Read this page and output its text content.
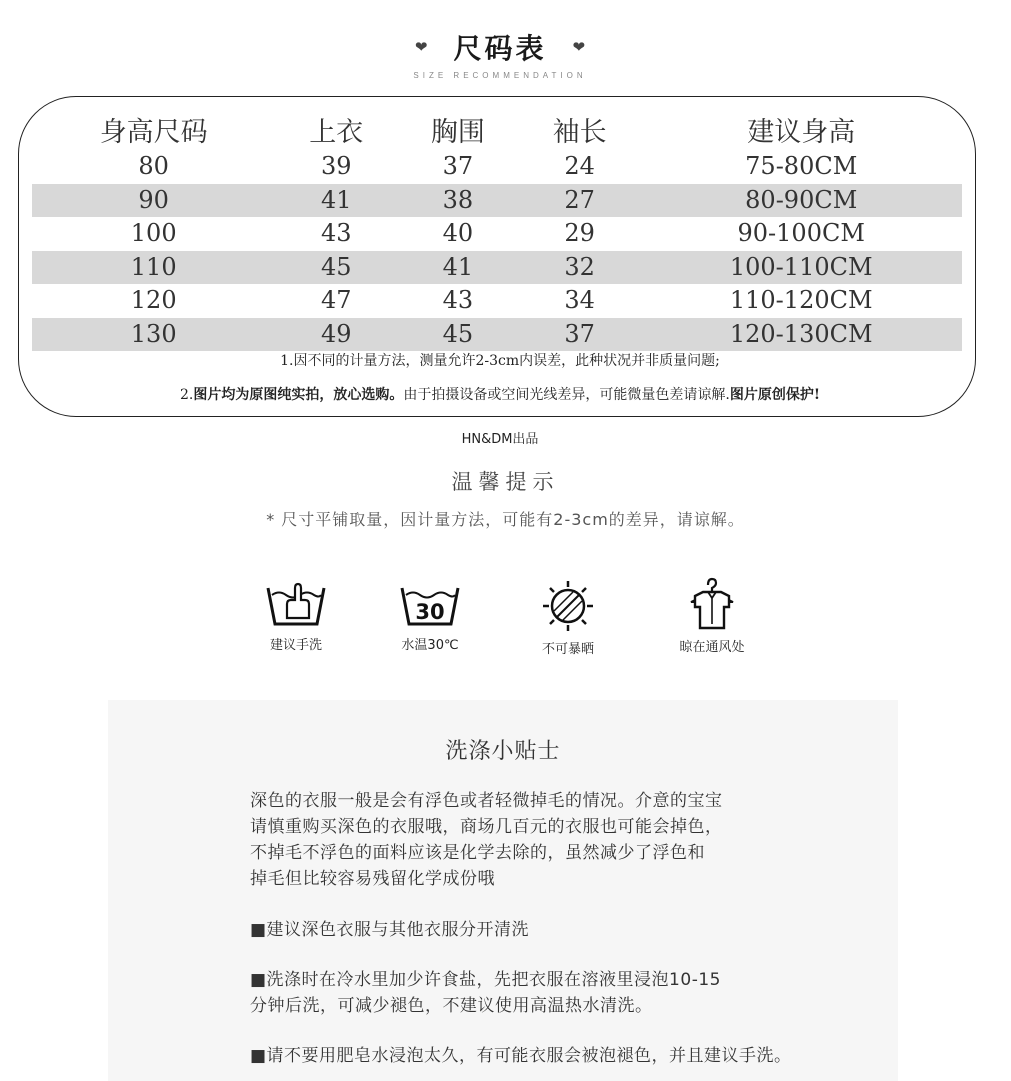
❤ 尺码表 ❤
SIZE RECOMMENDATION
身高尺码	上衣	胸围	袖长	建议身高
80	39	37	24	75-80CM
90	41	38	27	80-90CM
100	43	40	29	90-100CM
110	45	41	32	100-110CM
120	47	43	34	110-120CM
130	49	45	37	120-130CM
1.因不同的计量方法，测量允许2-3cm内误差，此种状况并非质量问题;
2.图片均为原图纯实拍，放心选购。由于拍摄设备或空间光线差异，可能微量色差请谅解.图片原创保护!
HN&DM出品
温馨提示
* 尺寸平铺取量，因计量方法，可能有2-3cm的差异，请谅解。
建议手洗
30
水温30℃	不可暴晒	晾在通风处
洗涤小贴士
深色的衣服一般是会有浮色或者轻微掉毛的情况。介意的宝宝
请慎重购买深色的衣服哦，商场几百元的衣服也可能会掉色，
不掉毛不浮色的面料应该是化学去除的，虽然减少了浮色和
掉毛但比较容易残留化学成份哦
■建议深色衣服与其他衣服分开清洗
■洗涤时在冷水里加少许食盐，先把衣服在溶液里浸泡10-15
分钟后洗，可减少褪色，不建议使用高温热水清洗。
■请不要用肥皂水浸泡太久，有可能衣服会被泡褪色，并且建议手洗。
